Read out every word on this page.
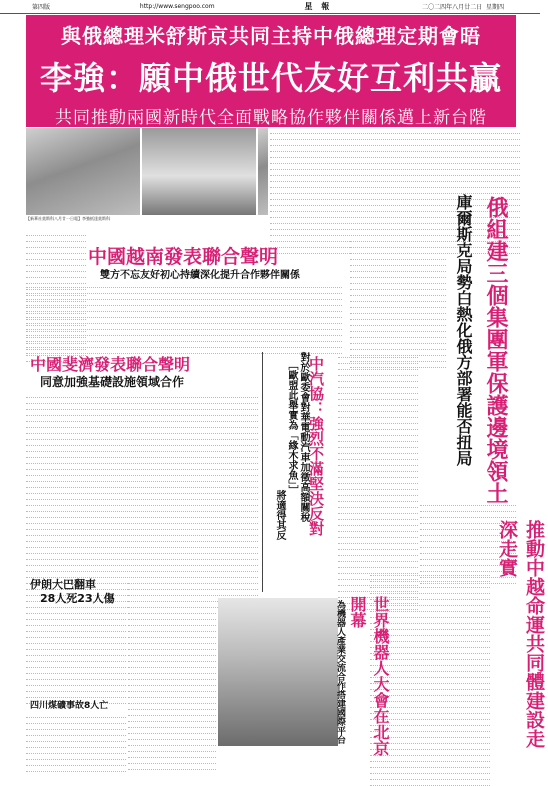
第四版	http://www.sengpoo.com	星 報	二〇二四年八月廿二日 星期四
與俄總理米舒斯京共同主持中俄總理定期會晤
李強：願中俄世代友好互利共贏
共同推動兩國新時代全面戰略協作夥伴關係邁上新台階
【新華社莫斯科八月廿一日電】李強抵達莫斯科
中國越南發表聯合聲明
雙方不忘友好初心持續深化提升合作夥伴關係
中國斐濟發表聯合聲明
同意加強基礎設施領域合作	對於歐委會對華電動汽車加徵高額關稅
中汽協：強烈不滿堅決反對
［歐盟此舉實為「緣木求魚」］
將適得其反
俄組建三個集團軍保護邊境領土
庫爾斯克局勢白熱化俄方部署能否扭局
推動中越命運共同體建設走深走實
世界機器人大會在北京開幕
為機器人產業交流合作搭建國際平台
伊朗大巴翻車
28人死23人傷
四川煤礦事故8人亡
